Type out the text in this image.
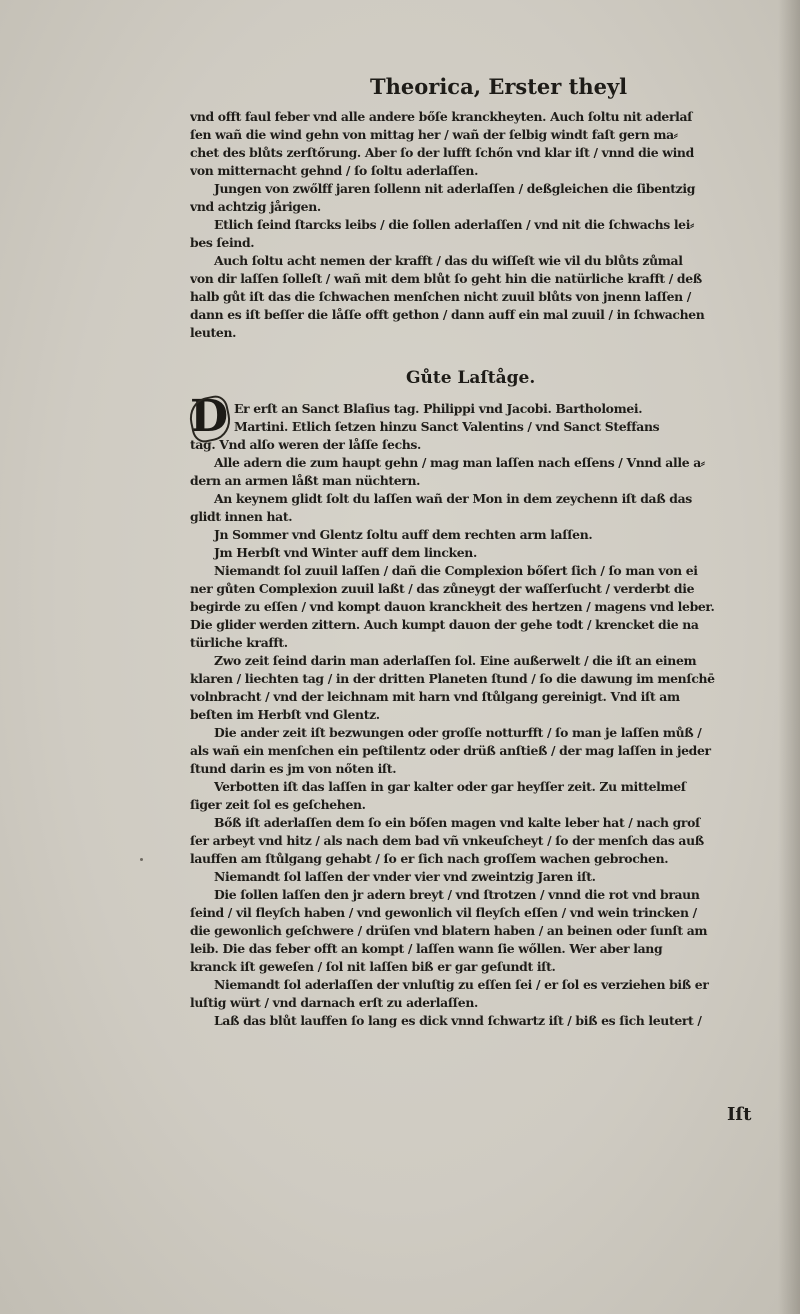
Theorica, Erster theyl
vnd offt faul feber vnd alle andere bőſe kranckheyten. Auch ſoltu nit aderlaſ
ſen wañ die wind gehn von mittag her / wañ der ſelbig windt faſt gern ma⸗
chet des blůts zerſtőrung. Aber ſo der lufft ſchőn vnd klar iſt / vnnd die wind
von mitternacht gehnd / ſo ſoltu aderlaſſen.
Jungen von zwőlff jaren ſollenn nit aderlaſſen / deßgleichen die ſibentzig
vnd achtzig jårigen.
Etlich ſeind ſtarcks leibs / die ſollen aderlaſſen / vnd nit die ſchwachs lei⸗
bes ſeind.
Auch ſoltu acht nemen der krafft / das du wiſſeſt wie vil du blůts zůmal
von dir laſſen ſolleſt / wañ mit dem blůt ſo geht hin die natürliche krafft / deß
halb gůt iſt das die ſchwachen menſchen nicht zuuil blůts von jnenn laſſen /
dann es iſt beſſer die låſſe offt gethon / dann auff ein mal zuuil / in ſchwachen
leuten.
Gůte Laſtåge.
D Er erſt an Sanct Blaſius tag. Philippi vnd Jacobi. Bartholomei.
Martini. Etlich ſetzen hinzu Sanct Valentins / vnd Sanct Steffans
tag. Vnd alſo weren der låſſe ſechs.
Alle adern die zum haupt gehn / mag man laſſen nach eſſens / Vnnd alle a⸗
dern an armen låßt man nüchtern.
An keynem glidt ſolt du laſſen wañ der Mon in dem zeychenn iſt daß das
glidt innen hat.
Jn Sommer vnd Glentz ſoltu auff dem rechten arm laſſen.
Jm Herbſt vnd Winter auff dem lincken.
Niemandt ſol zuuil laſſen / dañ die Complexion bőſert ſich / ſo man von ei
ner gůten Complexion zuuil laßt / das zůneygt der waſſerſucht / verderbt die
begirde zu eſſen / vnd kompt dauon kranckheit des hertzen / magens vnd leber.
Die glider werden zittern. Auch kumpt dauon der gehe todt / krencket die na
türliche krafft.
Zwo zeit ſeind darin man aderlaſſen ſol. Eine außerwelt / die iſt an einem
klaren / liechten tag / in der dritten Planeten ſtund / ſo die dawung im menſchē
volnbracht / vnd der leichnam mit harn vnd ſtůlgang gereinigt. Vnd iſt am
beſten im Herbſt vnd Glentz.
Die ander zeit iſt bezwungen oder groſſe notturfft / ſo man je laſſen můß /
als wañ ein menſchen ein peſtilentz oder drüß anſtieß / der mag laſſen in jeder
ſtund darin es jm von nőten iſt.
Verbotten iſt das laſſen in gar kalter oder gar heyſſer zeit. Zu mittelmeſ
ſiger zeit ſol es geſchehen.
Bőß iſt aderlaſſen dem ſo ein bőſen magen vnd kalte leber hat / nach groſ
ſer arbeyt vnd hitz / als nach dem bad vñ vnkeuſcheyt / ſo der menſch das auß
lauffen am ſtůlgang gehabt / ſo er ſich nach groſſem wachen gebrochen.
Niemandt ſol laſſen der vnder vier vnd zweintzig Jaren iſt.
Die ſollen laſſen den jr adern breyt / vnd ſtrotzen / vnnd die rot vnd braun
ſeind / vil fleyſch haben / vnd gewonlich vil fleyſch eſſen / vnd wein trincken /
die gewonlich geſchwere / drüſen vnd blatern haben / an beinen oder ſunſt am
leib. Die das feber offt an kompt / laſſen wann ſie wőllen. Wer aber lang
kranck iſt geweſen / ſol nit laſſen biß er gar geſundt iſt.
Niemandt ſol aderlaſſen der vnluſtig zu eſſen ſei / er ſol es verziehen biß er
luſtig würt / vnd darnach erſt zu aderlaſſen.
Laß das blůt lauffen ſo lang es dick vnnd ſchwartz iſt / biß es ſich leutert /
Iſt
